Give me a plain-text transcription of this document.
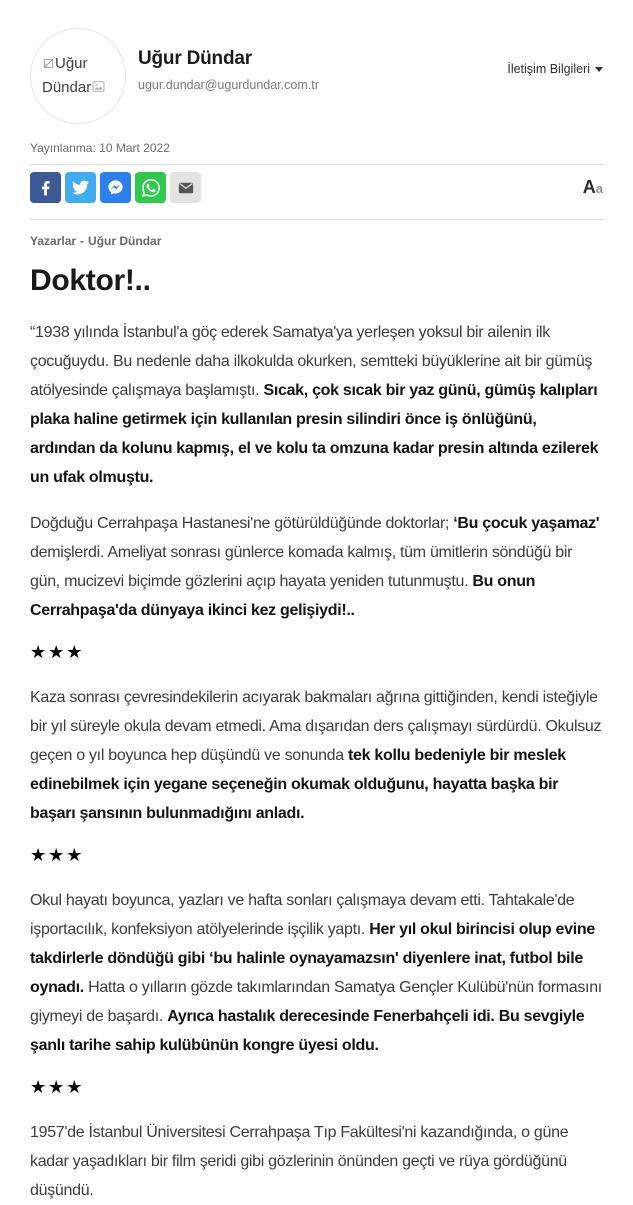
Uğur Dündar
Uğur Dündar
ugur.dundar@ugurdundar.com.tr
İletişim Bilgileri
Yayınlanma: 10 Mart 2022
Aa
Yazarlar - Uğur Dündar
Doktor!..

“1938 yılında İstanbul'a göç ederek Samatya'ya yerleşen yoksul bir ailenin ilk çocuğuydu. Bu nedenle daha ilkokulda okurken, semtteki büyüklerine ait bir gümüş atölyesinde çalışmaya başlamıştı. Sıcak, çok sıcak bir yaz günü, gümüş kalıpları plaka haline getirmek için kullanılan presin silindiri önce iş önlüğünü, ardından da kolunu kapmış, el ve kolu ta omzuna kadar presin altında ezilerek un ufak olmuştu.

Doğduğu Cerrahpaşa Hastanesi'ne götürüldüğünde doktorlar; ‘Bu çocuk yaşamaz' demişlerdi. Ameliyat sonrası günlerce komada kalmış, tüm ümitlerin söndüğü bir gün, mucizevi biçimde gözlerini açıp hayata yeniden tutunmuştu. Bu onun Cerrahpaşa'da dünyaya ikinci kez gelişiydi!..

★★★

Kaza sonrası çevresindekilerin acıyarak bakmaları ağrına gittiğinden, kendi isteğiyle bir yıl süreyle okula devam etmedi. Ama dışarıdan ders çalışmayı sürdürdü. Okulsuz geçen o yıl boyunca hep düşündü ve sonunda tek kollu bedeniyle bir meslek edinebilmek için yegane seçeneğin okumak olduğunu, hayatta başka bir başarı şansının bulunmadığını anladı.

★★★

Okul hayatı boyunca, yazları ve hafta sonları çalışmaya devam etti. Tahtakale'de işportacılık, konfeksiyon atölyelerinde işçilik yaptı. Her yıl okul birincisi olup evine takdirlerle döndüğü gibi ‘bu halinle oynayamazsın' diyenlere inat, futbol bile oynadı. Hatta o yılların gözde takımlarından Samatya Gençler Kulübü'nün formasını giymeyi de başardı. Ayrıca hastalık derecesinde Fenerbahçeli idi. Bu sevgiyle şanlı tarihe sahip kulübünün kongre üyesi oldu.

★★★

1957'de İstanbul Üniversitesi Cerrahpaşa Tıp Fakültesi'ni kazandığında, o güne kadar yaşadıkları bir film şeridi gibi gözlerinin önünden geçti ve rüya gördüğünü düşündü.
